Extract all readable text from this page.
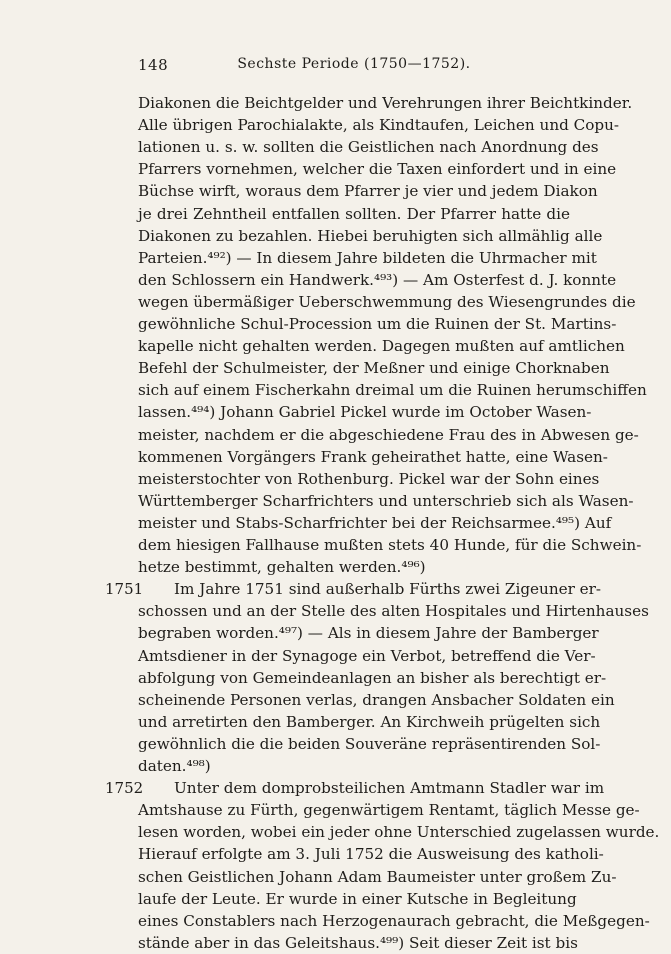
148	Sechste Periode (1750—1752).
Diakonen die Beichtgelder und Verehrungen ihrer Beichtkinder.
Alle übrigen Parochialakte, als Kindtaufen, Leichen und Copu-
lationen u. s. w. sollten die Geistlichen nach Anordnung des
Pfarrers vornehmen, welcher die Taxen einfordert und in eine
Büchse wirft, woraus dem Pfarrer je vier und jedem Diakon
je drei Zehntheil entfallen sollten. Der Pfarrer hatte die
Diakonen zu bezahlen. Hiebei beruhigten sich allmählig alle
Parteien.⁴⁹²) — In diesem Jahre bildeten die Uhrmacher mit
den Schlossern ein Handwerk.⁴⁹³) — Am Osterfest d. J. konnte
wegen übermäßiger Ueberschwemmung des Wiesengrundes die
gewöhnliche Schul-Procession um die Ruinen der St. Martins-
kapelle nicht gehalten werden. Dagegen mußten auf amtlichen
Befehl der Schulmeister, der Meßner und einige Chorknaben
sich auf einem Fischerkahn dreimal um die Ruinen herumschiffen
lassen.⁴⁹⁴) Johann Gabriel Pickel wurde im October Wasen-
meister, nachdem er die abgeschiedene Frau des in Abwesen ge-
kommenen Vorgängers Frank geheirathet hatte, eine Wasen-
meisterstochter von Rothenburg. Pickel war der Sohn eines
Württemberger Scharfrichters und unterschrieb sich als Wasen-
meister und Stabs-Scharfrichter bei der Reichsarmee.⁴⁹⁵) Auf
dem hiesigen Fallhause mußten stets 40 Hunde, für die Schwein-
hetze bestimmt, gehalten werden.⁴⁹⁶)
Im Jahre 1751 sind außerhalb Fürths zwei Zigeuner er-
1751
schossen und an der Stelle des alten Hospitales und Hirtenhauses
begraben worden.⁴⁹⁷) — Als in diesem Jahre der Bamberger
Amtsdiener in der Synagoge ein Verbot, betreffend die Ver-
abfolgung von Gemeindeanlagen an bisher als berechtigt er-
scheinende Personen verlas, drangen Ansbacher Soldaten ein
und arretirten den Bamberger. An Kirchweih prügelten sich
gewöhnlich die die beiden Souveräne repräsentirenden Sol-
daten.⁴⁹⁸)
Unter dem domprobsteilichen Amtmann Stadler war im
1752
Amtshause zu Fürth, gegenwärtigem Rentamt, täglich Messe ge-
lesen worden, wobei ein jeder ohne Unterschied zugelassen wurde.
Hierauf erfolgte am 3. Juli 1752 die Ausweisung des katholi-
schen Geistlichen Johann Adam Baumeister unter großem Zu-
laufe der Leute. Er wurde in einer Kutsche in Begleitung
eines Constablers nach Herzogenaurach gebracht, die Meßgegen-
stände aber in das Geleitshaus.⁴⁹⁹) Seit dieser Zeit ist bis
